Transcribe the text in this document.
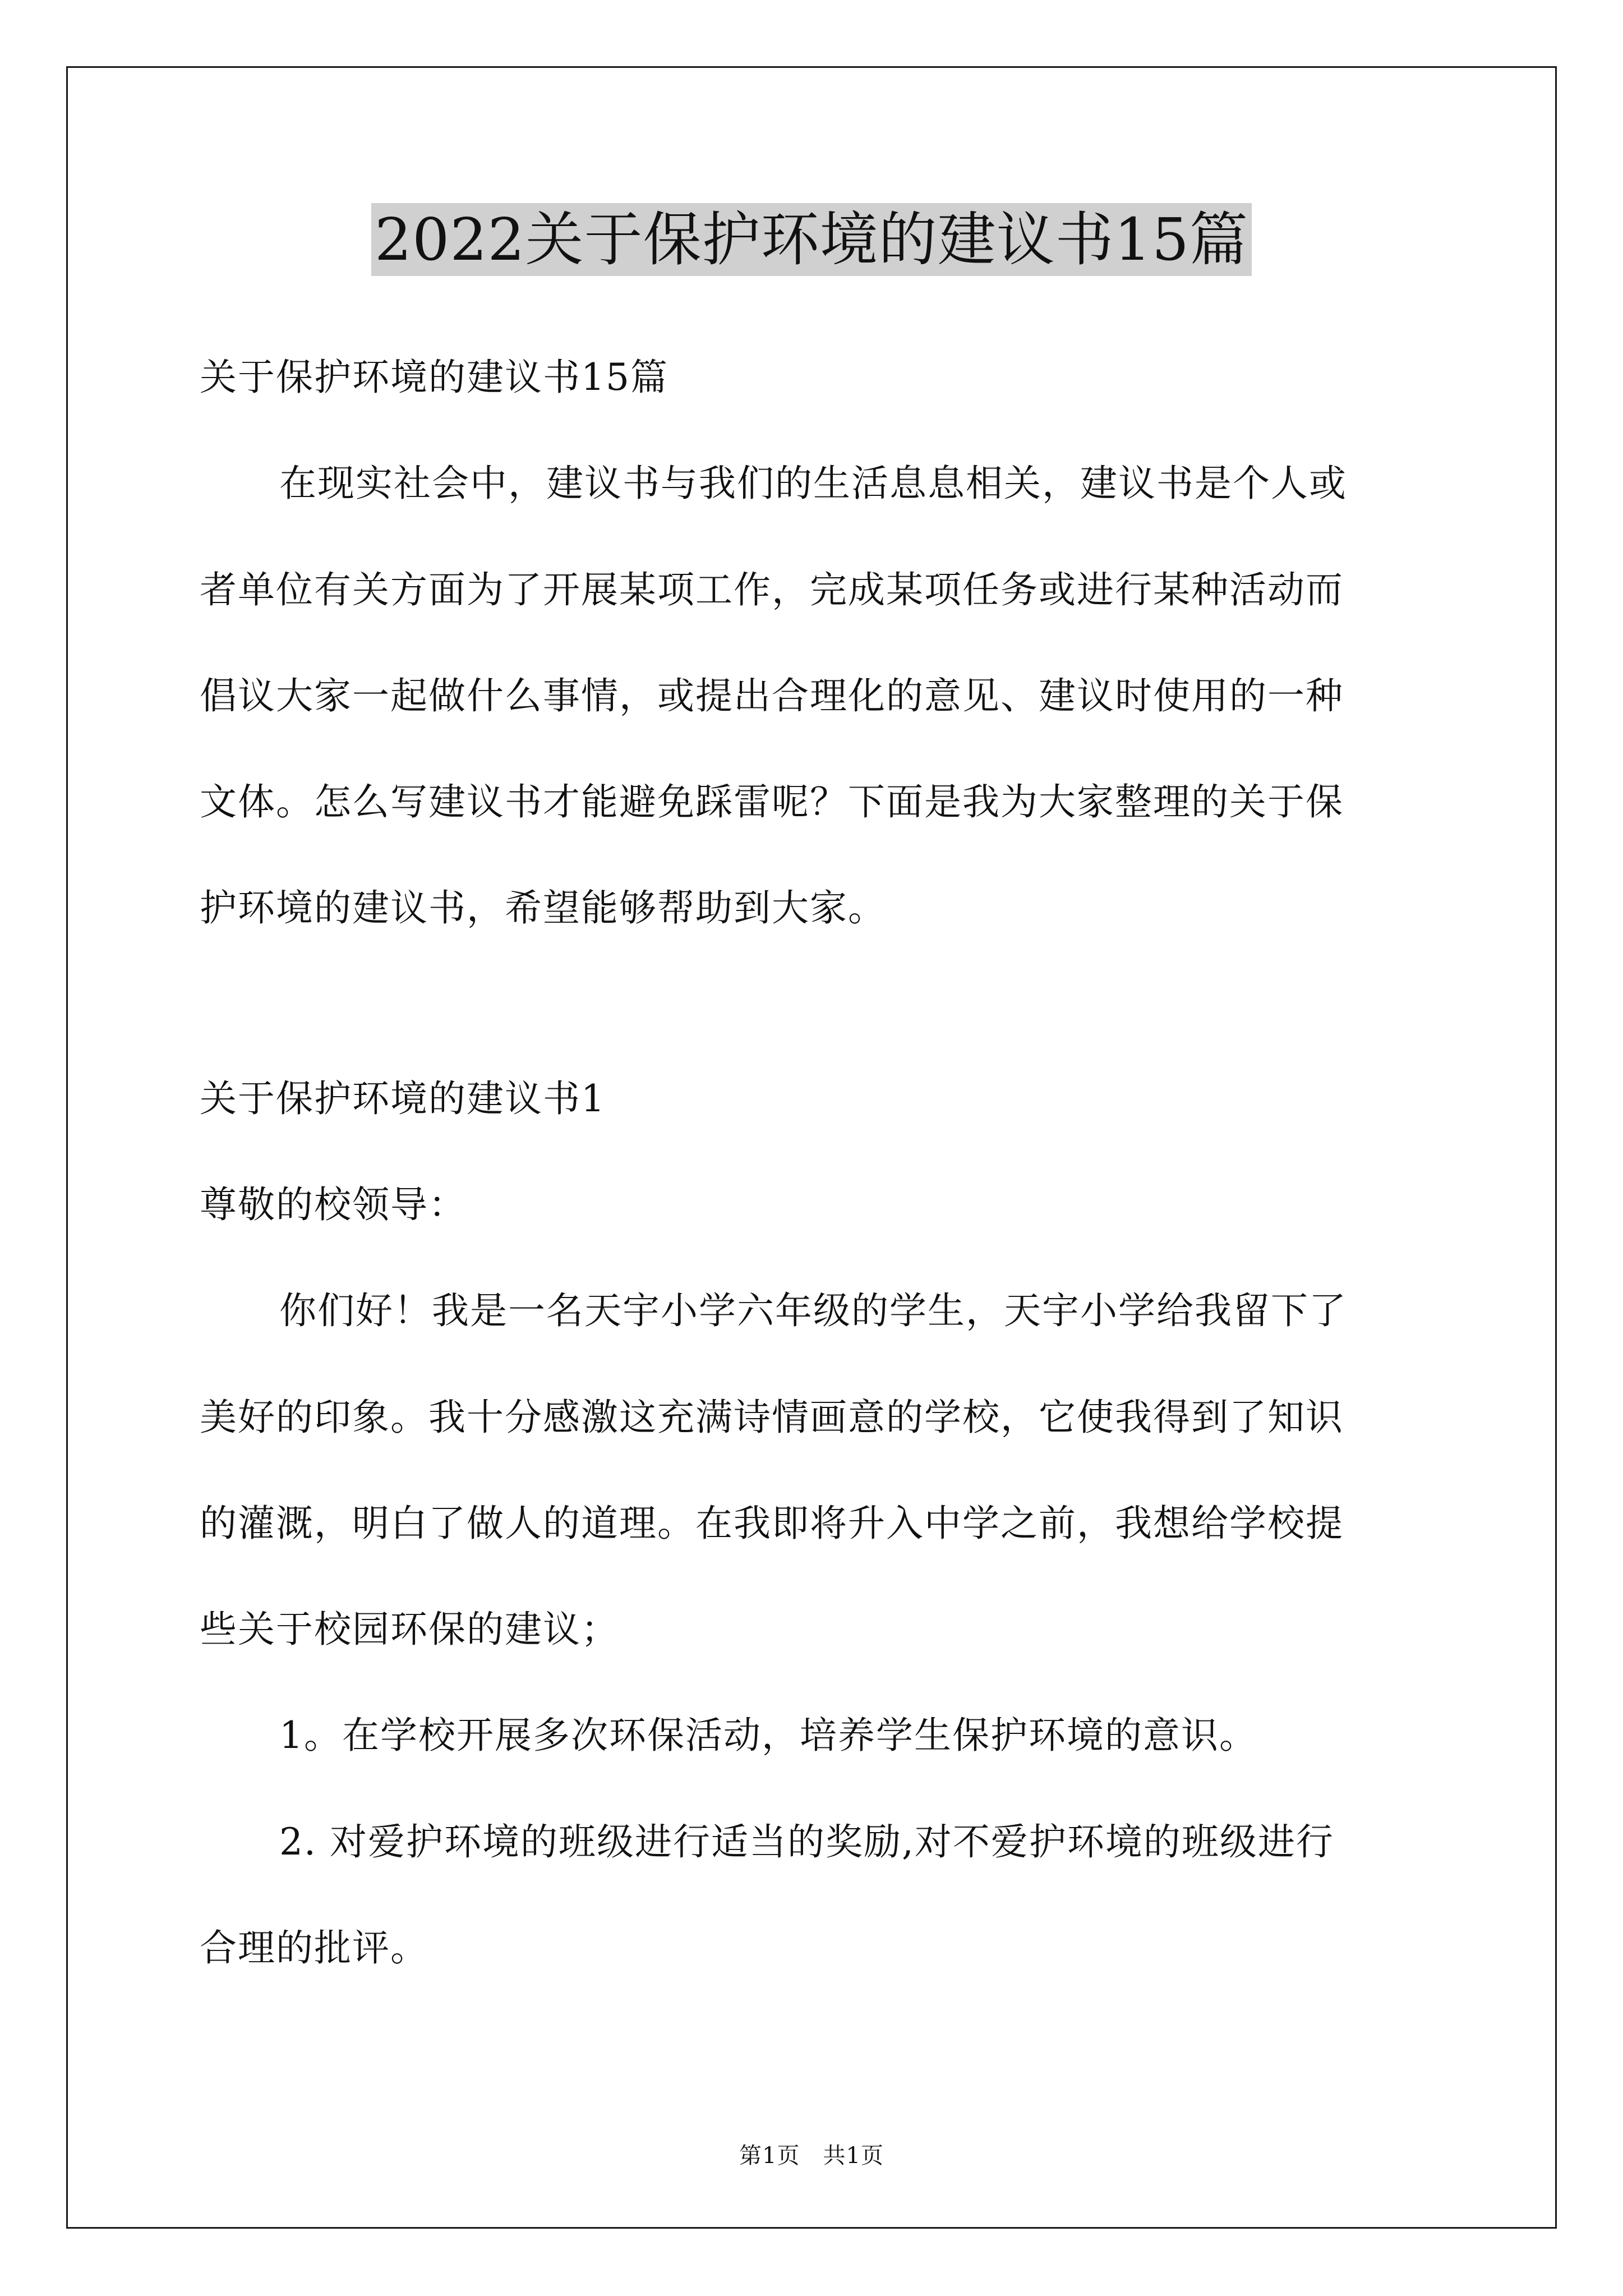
2022关于保护环境的建议书15篇
关于保护环境的建议书15篇
在现实社会中，建议书与我们的生活息息相关，建议书是个人或
者单位有关方面为了开展某项工作，完成某项任务或进行某种活动而
倡议大家一起做什么事情，或提出合理化的意见、建议时使用的一种
文体。怎么写建议书才能避免踩雷呢？下面是我为大家整理的关于保
护环境的建议书，希望能够帮助到大家。
关于保护环境的建议书1
尊敬的校领导：
你们好！我是一名天宇小学六年级的学生，天宇小学给我留下了
美好的印象。我十分感激这充满诗情画意的学校，它使我得到了知识
的灌溉，明白了做人的道理。在我即将升入中学之前，我想给学校提
些关于校园环保的建议；
1。在学校开展多次环保活动，培养学生保护环境的意识。
2. 对爱护环境的班级进行适当的奖励,对不爱护环境的班级进行
合理的批评。
第1页　共1页
